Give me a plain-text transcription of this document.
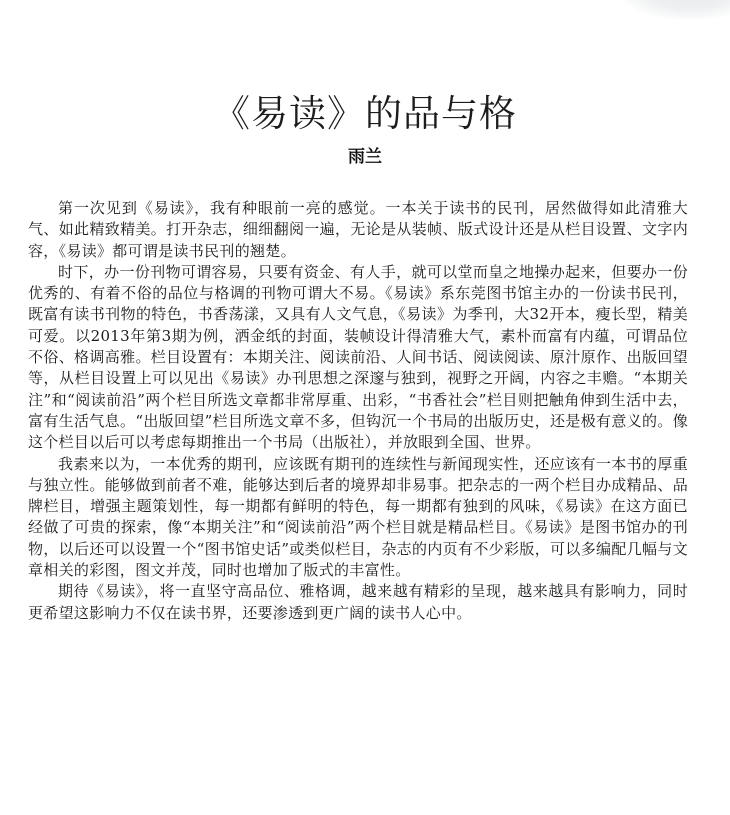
《易读》的品与格
雨兰

第一次见到《易读》，我有种眼前一亮的感觉。一本关于读书的民刊，居然做得如此清雅大气、如此精致精美。打开杂志，细细翻阅一遍，无论是从装帧、版式设计还是从栏目设置、文字内容，《易读》都可谓是读书民刊的翘楚。

时下，办一份刊物可谓容易，只要有资金、有人手，就可以堂而皇之地操办起来，但要办一份优秀的、有着不俗的品位与格调的刊物可谓大不易。《易读》系东莞图书馆主办的一份读书民刊，既富有读书刊物的特色，书香荡漾，又具有人文气息，《易读》为季刊，大32开本，瘦长型，精美可爱。以2013年第3期为例，洒金纸的封面，装帧设计得清雅大气，素朴而富有内蕴，可谓品位不俗、格调高雅。栏目设置有：本期关注、阅读前沿、人间书话、阅读阅读、原汁原作、出版回望等，从栏目设置上可以见出《易读》办刊思想之深邃与独到，视野之开阔，内容之丰赡。“本期关注”和“阅读前沿”两个栏目所选文章都非常厚重、出彩，“书香社会”栏目则把触角伸到生活中去，富有生活气息。“出版回望”栏目所选文章不多，但钩沉一个书局的出版历史，还是极有意义的。像这个栏目以后可以考虑每期推出一个书局（出版社），并放眼到全国、世界。

我素来以为，一本优秀的期刊，应该既有期刊的连续性与新闻现实性，还应该有一本书的厚重与独立性。能够做到前者不难，能够达到后者的境界却非易事。把杂志的一两个栏目办成精品、品牌栏目，增强主题策划性，每一期都有鲜明的特色，每一期都有独到的风味，《易读》在这方面已经做了可贵的探索，像“本期关注”和“阅读前沿”两个栏目就是精品栏目。《易读》是图书馆办的刊物，以后还可以设置一个“图书馆史话”或类似栏目，杂志的内页有不少彩版，可以多编配几幅与文章相关的彩图，图文并茂，同时也增加了版式的丰富性。

期待《易读》，将一直坚守高品位、雅格调，越来越有精彩的呈现，越来越具有影响力，同时更希望这影响力不仅在读书界，还要渗透到更广阔的读书人心中。
